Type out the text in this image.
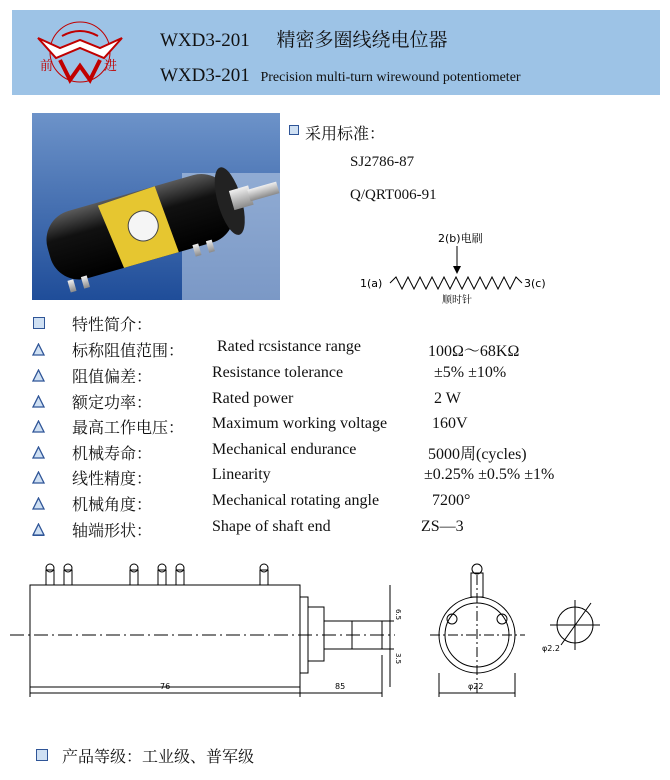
前	进
WXD3-201 精密多圈线绕电位器
WXD3-201 Precision multi-turn wirewound potentiometer
采用标准：
SJ2786-87
Q/QRT006-91
2(b)电刷
1(a)	3(c)
顺时针
特性简介：
标称阻值范围： Rated rcsistance range	100Ω～68KΩ
阻值偏差：	Resistance tolerance	±5% ±10%
额定功率：	Rated power	2 W
最高工作电压： Maximum working voltage	160V
机械寿命：	Mechanical endurance	5000周(cycles)
线性精度：	Linearity	±0.25% ±0.5% ±1%
机械角度：	Mechanical rotating angle	7200°
轴端形状：	Shape of shaft end	ZS—3
76	85	φ22
φ2.2
6.5
3.5
产品等级：工业级、普军级
